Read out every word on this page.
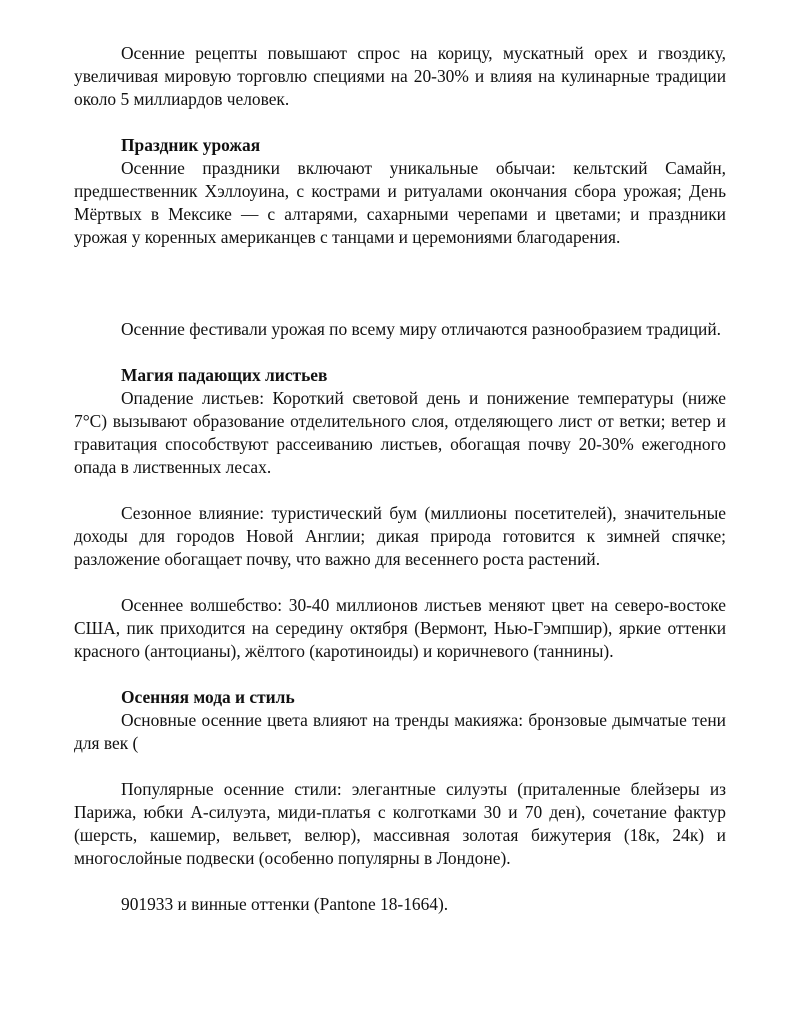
Осенние рецепты повышают спрос на корицу, мускатный орех и гвоздику, увеличивая мировую торговлю специями на 20-30% и влияя на кулинарные традиции около 5 миллиардов человек.

Праздник урожая

Осенние праздники включают уникальные обычаи: кельтский Самайн, предшественник Хэллоуина, с кострами и ритуалами окончания сбора урожая; День Мёртвых в Мексике — с алтарями, сахарными черепами и цветами; и праздники урожая у коренных американцев с танцами и церемониями благодарения.

Осенние фестивали урожая по всему миру отличаются разнообразием традиций.

Магия падающих листьев

Опадение листьев: Короткий световой день и понижение температуры (ниже 7°C) вызывают образование отделительного слоя, отделяющего лист от ветки; ветер и гравитация способствуют рассеиванию листьев, обогащая почву 20-30% ежегодного опада в лиственных лесах.

Сезонное влияние: туристический бум (миллионы посетителей), значительные доходы для городов Новой Англии; дикая природа готовится к зимней спячке; разложение обогащает почву, что важно для весеннего роста растений.

Осеннее волшебство: 30-40 миллионов листьев меняют цвет на северо-востоке США, пик приходится на середину октября (Вермонт, Нью-Гэмпшир), яркие оттенки красного (антоцианы), жёлтого (каротиноиды) и коричневого (таннины).

Осенняя мода и стиль

Основные осенние цвета влияют на тренды макияжа: бронзовые дымчатые тени для век (

Популярные осенние стили: элегантные силуэты (приталенные блейзеры из Парижа, юбки А-силуэта, миди-платья с колготками 30 и 70 ден), сочетание фактур (шерсть, кашемир, вельвет, велюр), массивная золотая бижутерия (18к, 24к) и многослойные подвески (особенно популярны в Лондоне).

901933 и винные оттенки (Pantone 18-1664).
